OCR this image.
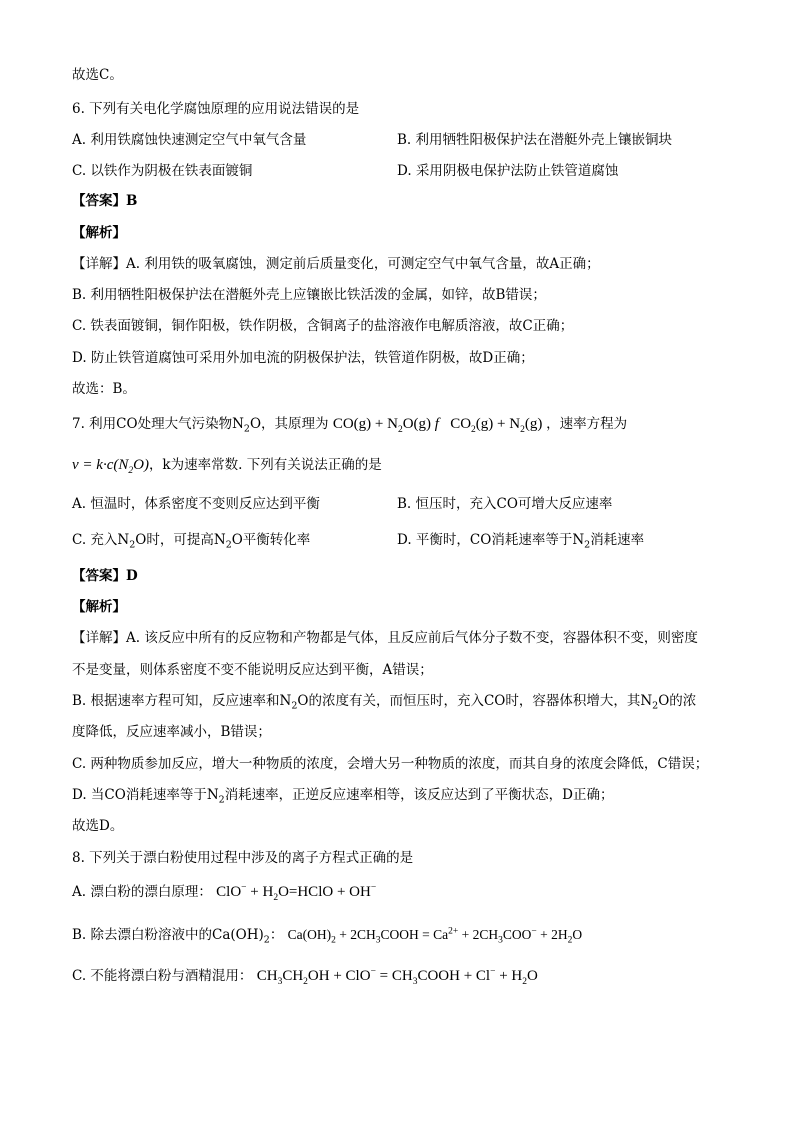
故选C。
6. 下列有关电化学腐蚀原理的应用说法错误的是
A. 利用铁腐蚀快速测定空气中氧气含量	B. 利用牺牲阳极保护法在潜艇外壳上镶嵌铜块
C. 以铁作为阴极在铁表面镀铜	D. 采用阴极电保护法防止铁管道腐蚀
【答案】B
【解析】
【详解】A. 利用铁的吸氧腐蚀，测定前后质量变化，可测定空气中氧气含量，故A正确；
B. 利用牺牲阳极保护法在潜艇外壳上应镶嵌比铁活泼的金属，如锌，故B错误；
C. 铁表面镀铜，铜作阳极，铁作阴极，含铜离子的盐溶液作电解质溶液，故C正确；
D. 防止铁管道腐蚀可采用外加电流的阴极保护法，铁管道作阴极，故D正确；
故选：B。
7. 利用CO处理大气污染物$N_2O$，其原理为 $CO(g) + N_2O(g)$ f $CO_2(g) + N_2(g)$ ，速率方程为
$v = k\cdot c(N_2O)$，k为速率常数. 下列有关说法正确的是
A. 恒温时，体系密度不变则反应达到平衡	B. 恒压时，充入CO可增大反应速率
C. 充入$N_2O$时，可提高$N_2O$平衡转化率	D. 平衡时，CO消耗速率等于$N_2$消耗速率
【答案】D
【解析】
【详解】A. 该反应中所有的反应物和产物都是气体，且反应前后气体分子数不变，容器体积不变，则密度
不是变量，则体系密度不变不能说明反应达到平衡，A错误；
B. 根据速率方程可知，反应速率和$N_2O$的浓度有关，而恒压时，充入CO时，容器体积增大，其$N_2O$的浓
度降低，反应速率减小，B错误；
C. 两种物质参加反应，增大一种物质的浓度，会增大另一种物质的浓度，而其自身的浓度会降低，C错误；
D. 当CO消耗速率等于$N_2$消耗速率，正逆反应速率相等，该反应达到了平衡状态，D正确；
故选D。
8. 下列关于漂白粉使用过程中涉及的离子方程式正确的是
A. 漂白粉的漂白原理： $ClO^- + H_2O=HClO + OH^-$
B. 除去漂白粉溶液中的$Ca(OH)_2$： $Ca(OH)_2$ + $2CH_3COOH = Ca^{2+} + 2CH_3COO^- + 2H_2O$
C. 不能将漂白粉与酒精混用： $CH_3CH_2OH + ClO^-$ = $CH_3COOH + Cl^- + H_2O$
